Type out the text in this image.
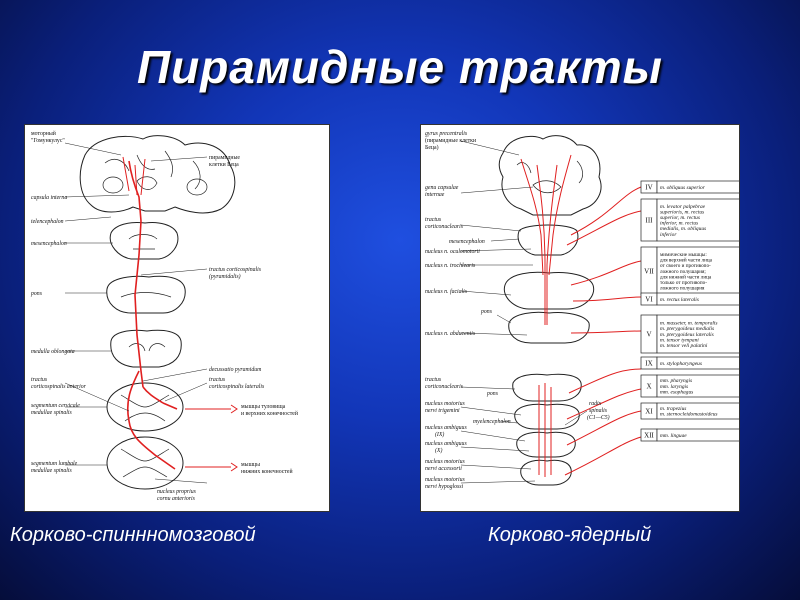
Пирамидные тракты
моторный
"Гомункулус"
пирамидные
клетки Беца
capsula interna
telencephalon
mesencephalon
tractus corticospinalis
(pyramidalis)
pons
medulla oblongata
decussatio pyramidum
tractus
corticospinalis anterior
tractus
corticospinalis lateralis
segmentum cervicale
medullae spinalis
мышцы туловища
и верхних конечностей
segmentum lumbale
medullae spinalis
мышцы
нижних конечностей
nucleus proprius
cornu anterioris
gyrus precentralis
(пирамидные клетки
Беца)
genu capsulae
internae
tractus
corticonuclearis
mesencephalon
nucleus n. oculomotorii
nucleus n. trochlearis
nucleus n. facialis
pons
nucleus n. abducentis
tractus
corticonuclearis
pons
nucleus motorius
nervi trigemini
myelencephalon
nucleus ambiguus
(IX)
nucleus ambiguus
(X)
nucleus motorius
nervi accessorii
nucleus motorius
nervi hypoglossi
radix
spinalis
(C1—C5)
IV m. obliquus superior
III
m. levator palpebrae
superioris, m. rectus
superior, m. rectus
inferior, m. rectus
medialis, m. obliquus
inferior
VII
мимические мышцы:
для верхней части лица
от своего и противопо-
ложного полушария;
для нижней части лица
только от противопо-
ложного полушария
VI m. rectus lateralis
V
m. masseter, m. temporalis
m. pterygoideus medialis
m. pterygoideus lateralis
m. tensor tympani
m. tensor veli palatini
IX m. stylopharyngeus
X
mm. pharyngis
mm. laryngis
mm. esophagus
XI m. trapezius
m. sternocleidomastoideus
XII mm. linguae
Корково-спиннномозговой	Корково-ядерный
